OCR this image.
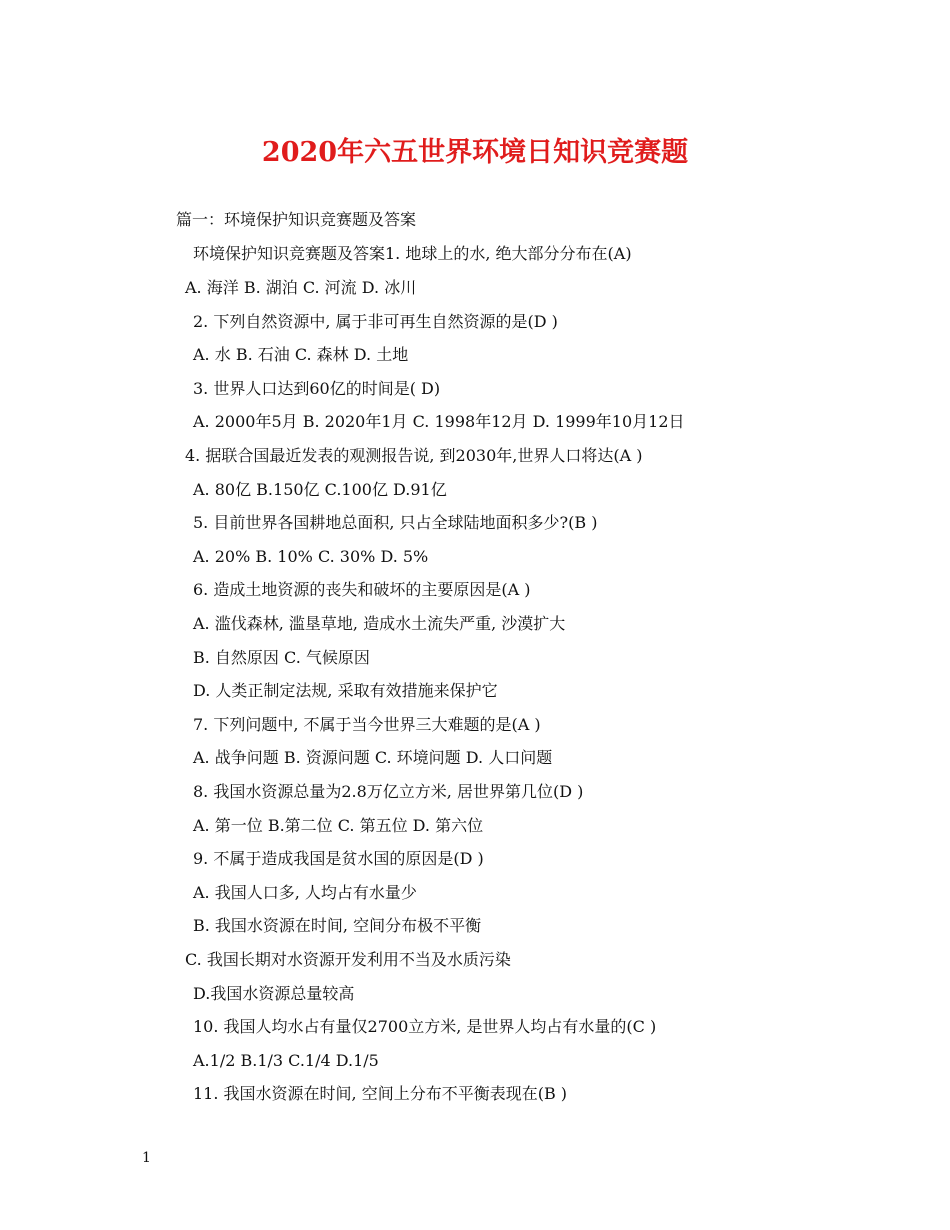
2020年六五世界环境日知识竞赛题
篇一：环境保护知识竞赛题及答案
环境保护知识竞赛题及答案1. 地球上的水, 绝大部分分布在(A)
A. 海洋 B. 湖泊 C. 河流 D. 冰川
2. 下列自然资源中, 属于非可再生自然资源的是(D )
A. 水 B. 石油 C. 森林 D. 土地
3. 世界人口达到60亿的时间是( D)
A. 2000年5月 B. 2020年1月 C. 1998年12月 D. 1999年10月12日
4. 据联合国最近发表的观测报告说, 到2030年,世界人口将达(A )
A. 80亿 B.150亿 C.100亿 D.91亿
5. 目前世界各国耕地总面积, 只占全球陆地面积多少?(B )
A. 20% B. 10% C. 30% D. 5%
6. 造成土地资源的丧失和破坏的主要原因是(A )
A. 滥伐森林, 滥垦草地, 造成水土流失严重, 沙漠扩大
B. 自然原因 C. 气候原因
D. 人类正制定法规, 采取有效措施来保护它
7. 下列问题中, 不属于当今世界三大难题的是(A )
A. 战争问题 B. 资源问题 C. 环境问题 D. 人口问题
8. 我国水资源总量为2.8万亿立方米, 居世界第几位(D )
A. 第一位 B.第二位 C. 第五位 D. 第六位
9. 不属于造成我国是贫水国的原因是(D )
A. 我国人口多, 人均占有水量少
B. 我国水资源在时间, 空间分布极不平衡
C. 我国长期对水资源开发利用不当及水质污染
D.我国水资源总量较高
10. 我国人均水占有量仅2700立方米, 是世界人均占有水量的(C )
A.1/2 B.1/3 C.1/4 D.1/5
11. 我国水资源在时间, 空间上分布不平衡表现在(B )
1
